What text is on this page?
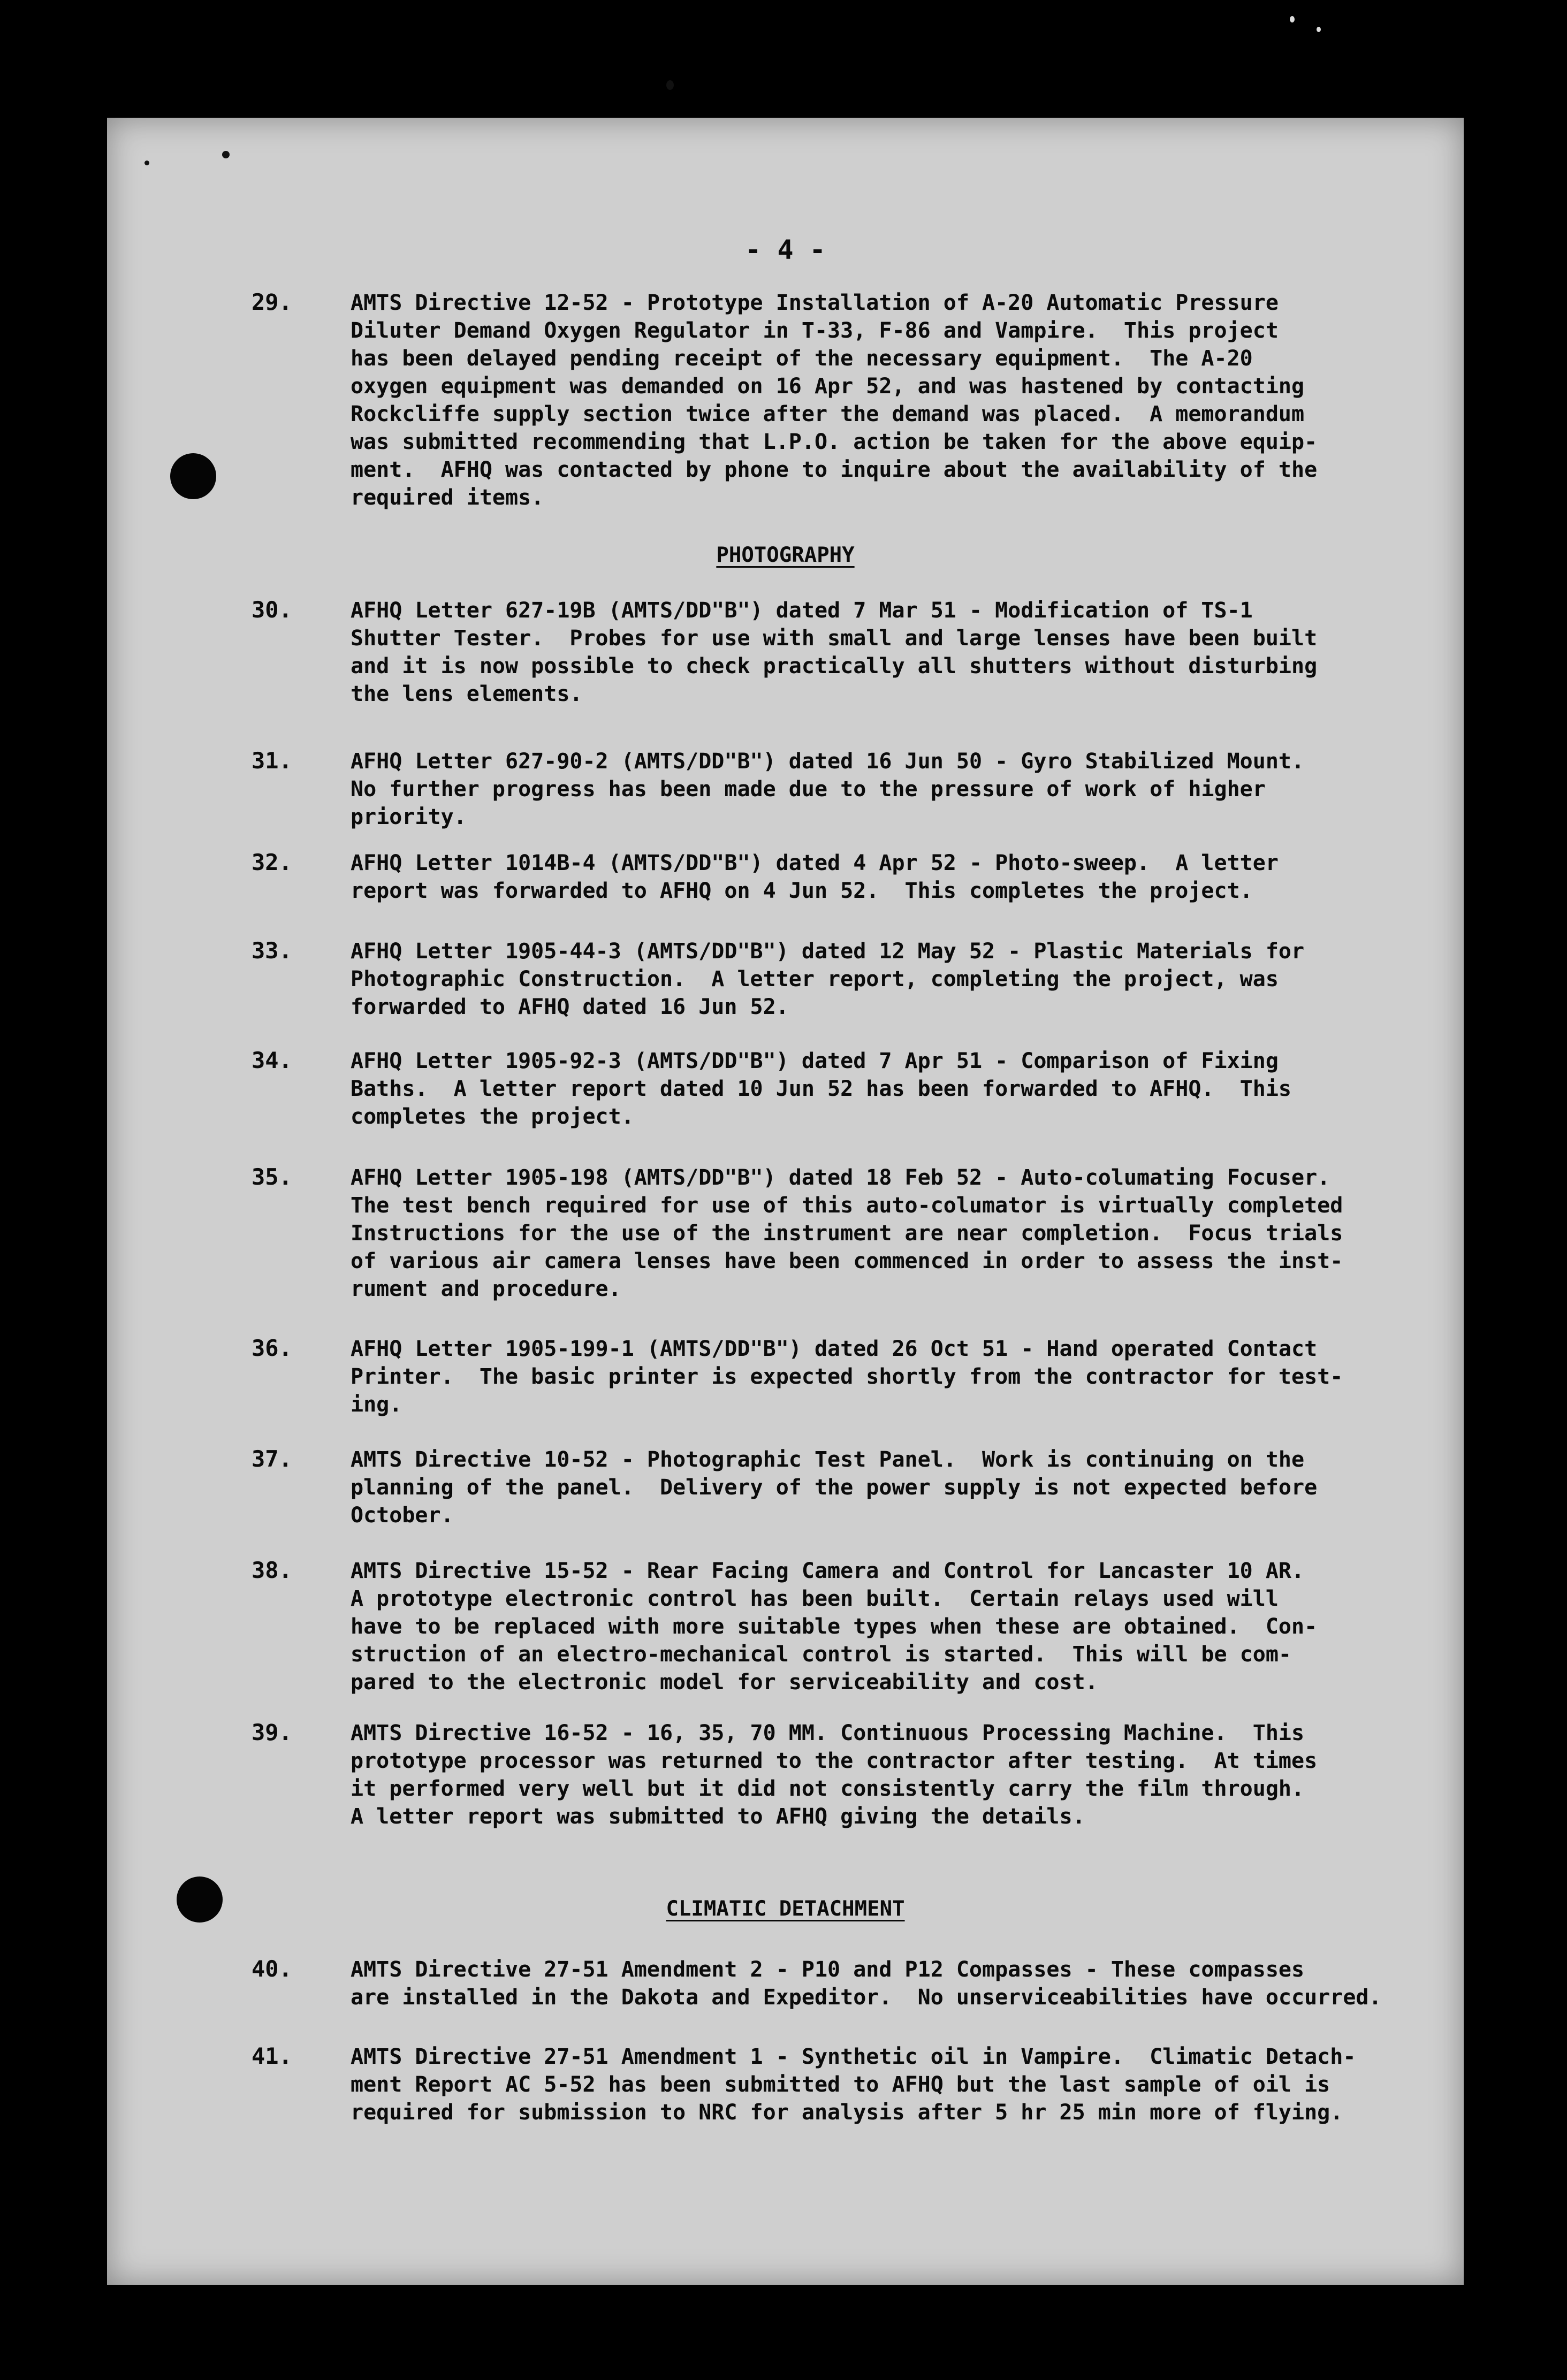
- 4 -
PHOTOGRAPHY
CLIMATIC DETACHMENT
29.	AMTS Directive 12-52 - Prototype Installation of A-20 Automatic Pressure
Diluter Demand Oxygen Regulator in T-33, F-86 and Vampire.  This project
has been delayed pending receipt of the necessary equipment.  The A-20
oxygen equipment was demanded on 16 Apr 52, and was hastened by contacting
Rockcliffe supply section twice after the demand was placed.  A memorandum
was submitted recommending that L.P.O. action be taken for the above equip-
ment.  AFHQ was contacted by phone to inquire about the availability of the
required items.
30.	AFHQ Letter 627-19B (AMTS/DD"B") dated 7 Mar 51 - Modification of TS-1
Shutter Tester.  Probes for use with small and large lenses have been built
and it is now possible to check practically all shutters without disturbing
the lens elements.
31.	AFHQ Letter 627-90-2 (AMTS/DD"B") dated 16 Jun 50 - Gyro Stabilized Mount.
No further progress has been made due to the pressure of work of higher
priority.
32.	AFHQ Letter 1014B-4 (AMTS/DD"B") dated 4 Apr 52 - Photo-sweep.  A letter
report was forwarded to AFHQ on 4 Jun 52.  This completes the project.
33.	AFHQ Letter 1905-44-3 (AMTS/DD"B") dated 12 May 52 - Plastic Materials for
Photographic Construction.  A letter report, completing the project, was
forwarded to AFHQ dated 16 Jun 52.
34.	AFHQ Letter 1905-92-3 (AMTS/DD"B") dated 7 Apr 51 - Comparison of Fixing
Baths.  A letter report dated 10 Jun 52 has been forwarded to AFHQ.  This
completes the project.
35.	AFHQ Letter 1905-198 (AMTS/DD"B") dated 18 Feb 52 - Auto-columating Focuser.
The test bench required for use of this auto-columator is virtually completed
Instructions for the use of the instrument are near completion.  Focus trials
of various air camera lenses have been commenced in order to assess the inst-
rument and procedure.
36.	AFHQ Letter 1905-199-1 (AMTS/DD"B") dated 26 Oct 51 - Hand operated Contact
Printer.  The basic printer is expected shortly from the contractor for test-
ing.
37.	AMTS Directive 10-52 - Photographic Test Panel.  Work is continuing on the
planning of the panel.  Delivery of the power supply is not expected before
October.
38.	AMTS Directive 15-52 - Rear Facing Camera and Control for Lancaster 10 AR.
A prototype electronic control has been built.  Certain relays used will
have to be replaced with more suitable types when these are obtained.  Con-
struction of an electro-mechanical control is started.  This will be com-
pared to the electronic model for serviceability and cost.
39.	AMTS Directive 16-52 - 16, 35, 70 MM. Continuous Processing Machine.  This
prototype processor was returned to the contractor after testing.  At times
it performed very well but it did not consistently carry the film through.
A letter report was submitted to AFHQ giving the details.
40.	AMTS Directive 27-51 Amendment 2 - P10 and P12 Compasses - These compasses
are installed in the Dakota and Expeditor.  No unserviceabilities have occurred.
41.	AMTS Directive 27-51 Amendment 1 - Synthetic oil in Vampire.  Climatic Detach-
ment Report AC 5-52 has been submitted to AFHQ but the last sample of oil is
required for submission to NRC for analysis after 5 hr 25 min more of flying.
